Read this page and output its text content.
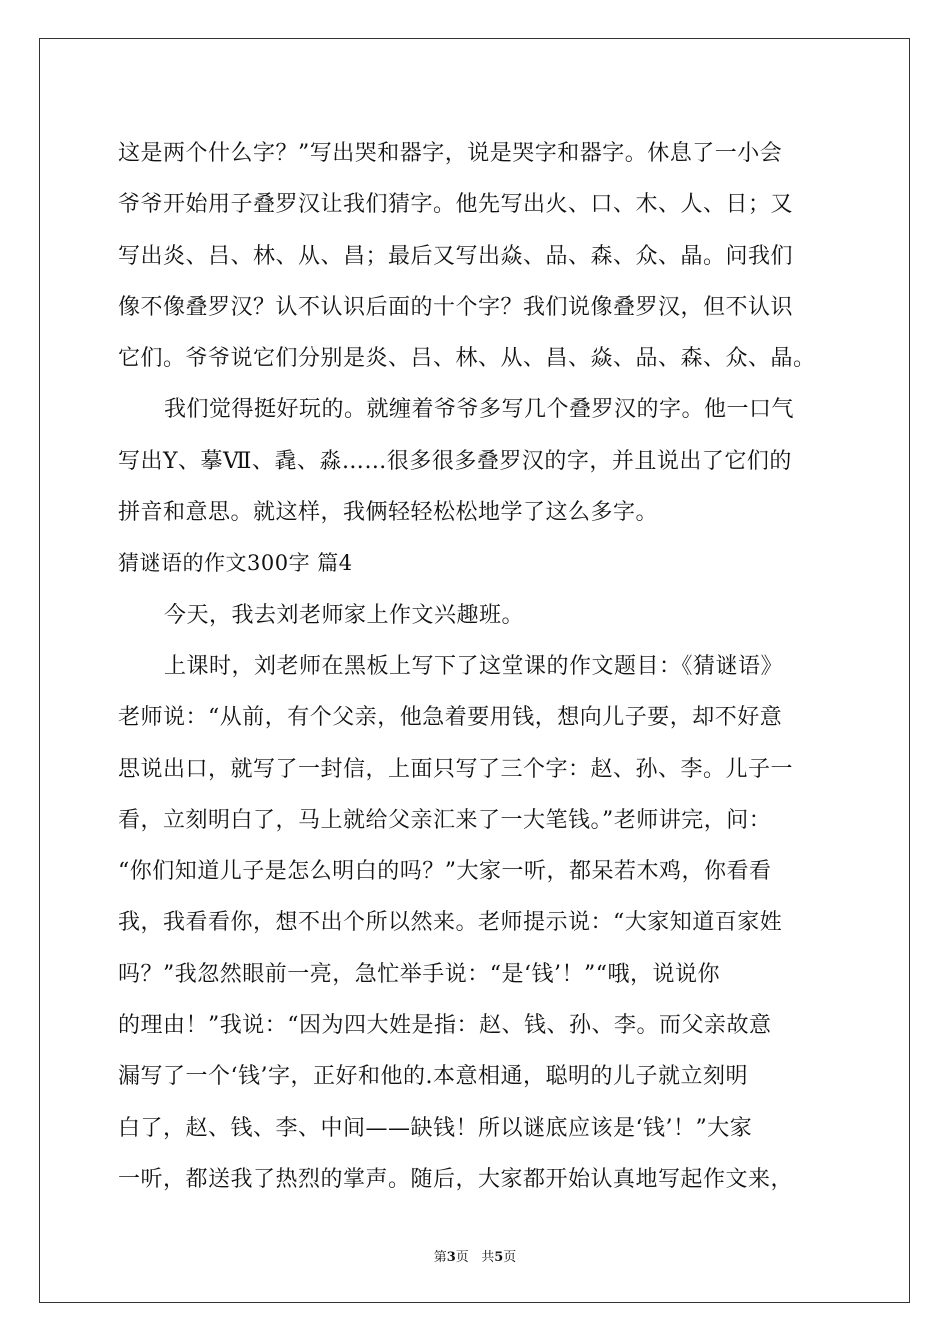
这是两个什么字？”写出哭和器字，说是哭字和器字。休息了一小会
爷爷开始用子叠罗汉让我们猜字。他先写出火、口、木、人、日；又
写出炎、吕、林、从、昌；最后又写出焱、品、森、众、晶。问我们
像不像叠罗汉？认不认识后面的十个字？我们说像叠罗汉，但不认识
它们。爷爷说它们分别是炎、吕、林、从、昌、焱、品、森、众、晶。
我们觉得挺好玩的。就缠着爷爷多写几个叠罗汉的字。他一口气
写出Y、摹Ⅶ、毳、淼……很多很多叠罗汉的字，并且说出了它们的
拼音和意思。就这样，我俩轻轻松松地学了这么多字。
猜谜语的作文300字 篇4
今天，我去刘老师家上作文兴趣班。
上课时，刘老师在黑板上写下了这堂课的作文题目：《猜谜语》
老师说：“从前，有个父亲，他急着要用钱，想向儿子要，却不好意
思说出口，就写了一封信，上面只写了三个字：赵、孙、李。儿子一
看，立刻明白了，马上就给父亲汇来了一大笔钱。”老师讲完，问：
“你们知道儿子是怎么明白的吗？”大家一听，都呆若木鸡，你看看
我，我看看你，想不出个所以然来。老师提示说：“大家知道百家姓
吗？”我忽然眼前一亮，急忙举手说：“是‘钱’！”“哦，说说你
的理由！”我说：“因为四大姓是指：赵、钱、孙、李。而父亲故意
漏写了一个‘钱’字，正好和他的.本意相通，聪明的儿子就立刻明
白了，赵、钱、李、中间——缺钱！所以谜底应该是‘钱’！”大家
一听，都送我了热烈的掌声。随后，大家都开始认真地写起作文来，
第3页 共5页
